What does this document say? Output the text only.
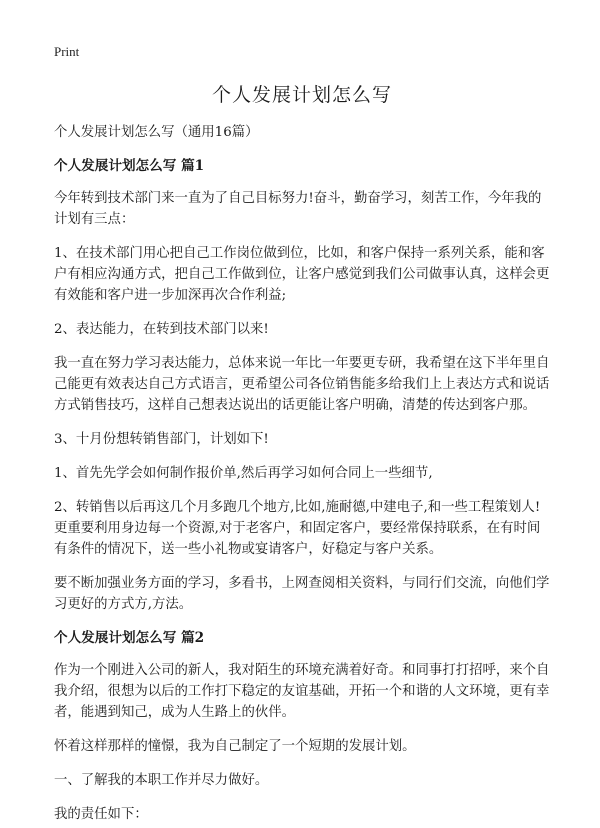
Print
个人发展计划怎么写

个人发展计划怎么写（通用16篇）

个人发展计划怎么写 篇1

今年转到技术部门来一直为了自己目标努力!奋斗，勤奋学习，刻苦工作，今年我的计划有三点：

1、在技术部门用心把自己工作岗位做到位，比如，和客户保持一系列关系，能和客户有相应沟通方式，把自己工作做到位，让客户感觉到我们公司做事认真，这样会更有效能和客户进一步加深再次合作利益;

2、表达能力，在转到技术部门以来!

我一直在努力学习表达能力，总体来说一年比一年要更专研，我希望在这下半年里自己能更有效表达自己方式语言，更希望公司各位销售能多给我们上上表达方式和说话方式销售技巧，这样自己想表达说出的话更能让客户明确，清楚的传达到客户那。

3、十月份想转销售部门，计划如下!

1、首先先学会如何制作报价单,然后再学习如何合同上一些细节,

2、转销售以后再这几个月多跑几个地方,比如,施耐德,中建电子,和一些工程策划人!更重要利用身边每一个资源,对于老客户，和固定客户，要经常保持联系，在有时间有条件的情况下，送一些小礼物或宴请客户，好稳定与客户关系。

要不断加强业务方面的学习，多看书，上网查阅相关资料，与同行们交流，向他们学习更好的方式方,方法。

个人发展计划怎么写 篇2

作为一个刚进入公司的新人，我对陌生的环境充满着好奇。和同事打打招呼，来个自我介绍，很想为以后的工作打下稳定的友谊基础，开拓一个和谐的人文环境，更有幸者，能遇到知己，成为人生路上的伙伴。

怀着这样那样的憧憬，我为自己制定了一个短期的发展计划。

一、了解我的本职工作并尽力做好。

我的责任如下：
